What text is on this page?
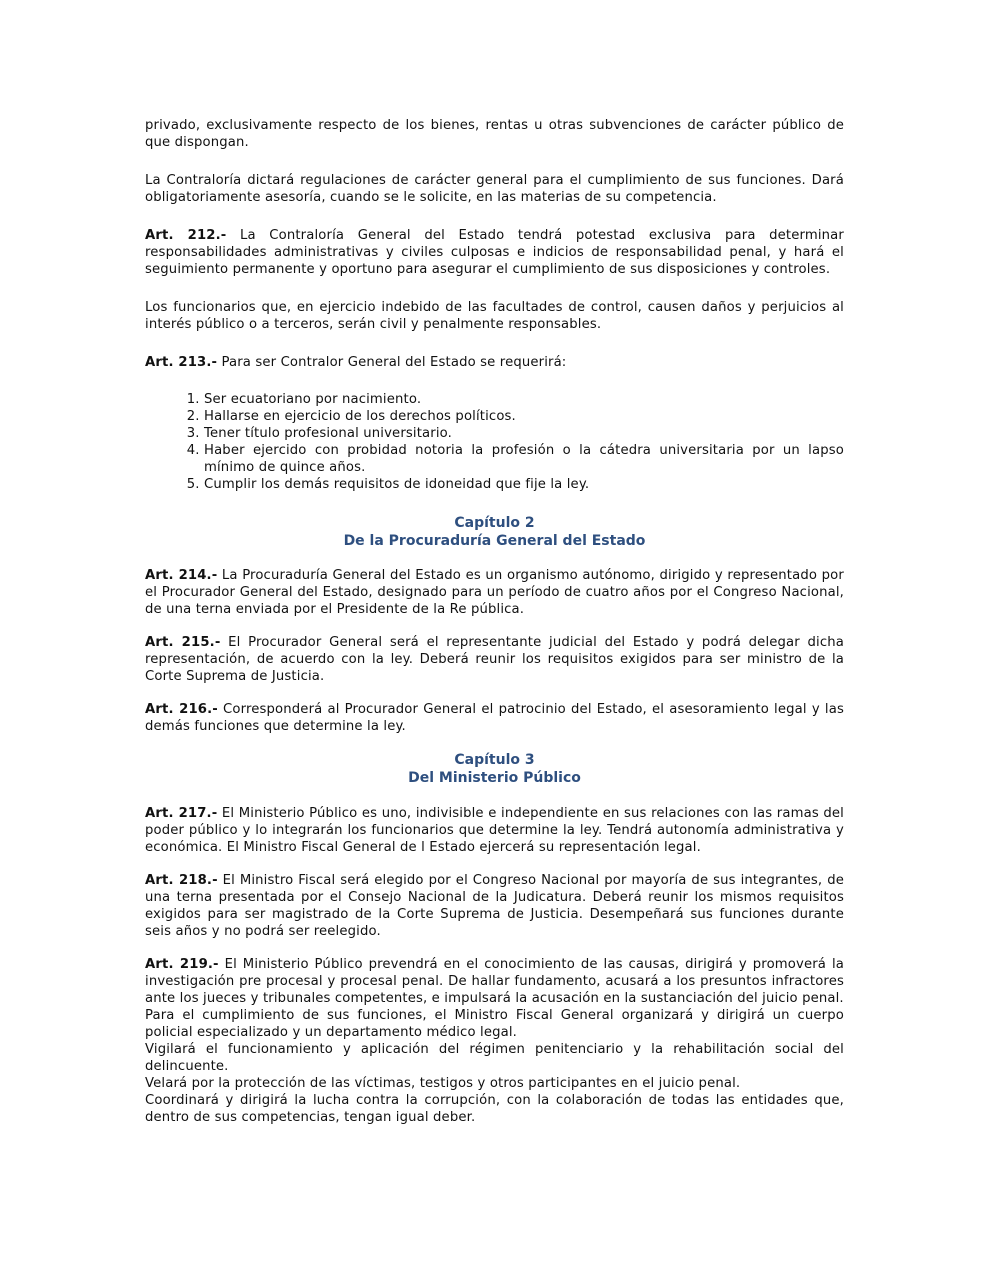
privado, exclusivamente respecto de los bienes, rentas u otras subvenciones de carácter público de que dispongan.

La Contraloría dictará regulaciones de carácter general para el cumplimiento de sus funciones. Dará obligatoriamente asesoría, cuando se le solicite, en las materias de su competencia.

Art. 212.- La Contraloría General del Estado tendrá potestad exclusiva para determinar responsabilidades administrativas y civiles culposas e indicios de responsabilidad penal, y hará el seguimiento permanente y oportuno para asegurar el cumplimiento de sus disposiciones y controles.

Los funcionarios que, en ejercicio indebido de las facultades de control, causen daños y perjuicios al interés público o a terceros, serán civil y penalmente responsables.

Art. 213.- Para ser Contralor General del Estado se requerirá:

1. Ser ecuatoriano por nacimiento.
2. Hallarse en ejercicio de los derechos políticos.
3. Tener título profesional universitario.
4. Haber ejercido con probidad notoria la profesión o la cátedra universitaria por un lapso mínimo de quince años.
5. Cumplir los demás requisitos de idoneidad que fije la ley.
Capítulo 2
De la Procuraduría General del Estado

Art. 214.- La Procuraduría General del Estado es un organismo autónomo, dirigido y representado por el Procurador General del Estado, designado para un período de cuatro años por el Congreso Nacional, de una terna enviada por el Presidente de la Re pública.

Art. 215.- El Procurador General será el representante judicial del Estado y podrá delegar dicha representación, de acuerdo con la ley. Deberá reunir los requisitos exigidos para ser ministro de la Corte Suprema de Justicia.

Art. 216.- Corresponderá al Procurador General el patrocinio del Estado, el asesoramiento legal y las demás funciones que determine la ley.

Capítulo 3
Del Ministerio Público

Art. 217.- El Ministerio Público es uno, indivisible e independiente en sus relaciones con las ramas del poder público y lo integrarán los funcionarios que determine la ley. Tendrá autonomía administrativa y económica. El Ministro Fiscal General de l Estado ejercerá su representación legal.

Art. 218.- El Ministro Fiscal será elegido por el Congreso Nacional por mayoría de sus integrantes, de una terna presentada por el Consejo Nacional de la Judicatura. Deberá reunir los mismos requisitos exigidos para ser magistrado de la Corte Suprema de Justicia. Desempeñará sus funciones durante seis años y no podrá ser reelegido.

Art. 219.- El Ministerio Público prevendrá en el conocimiento de las causas, dirigirá y promoverá la investigación pre procesal y procesal penal. De hallar fundamento, acusará a los presuntos infractores ante los jueces y tribunales competentes, e impulsará la acusación en la sustanciación del juicio penal.

Para el cumplimiento de sus funciones, el Ministro Fiscal General organizará y dirigirá un cuerpo policial especializado y un departamento médico legal.

Vigilará el funcionamiento y aplicación del régimen penitenciario y la rehabilitación social del delincuente.

Velará por la protección de las víctimas, testigos y otros participantes en el juicio penal.

Coordinará y dirigirá la lucha contra la corrupción, con la colaboración de todas las entidades que, dentro de sus competencias, tengan igual deber.
